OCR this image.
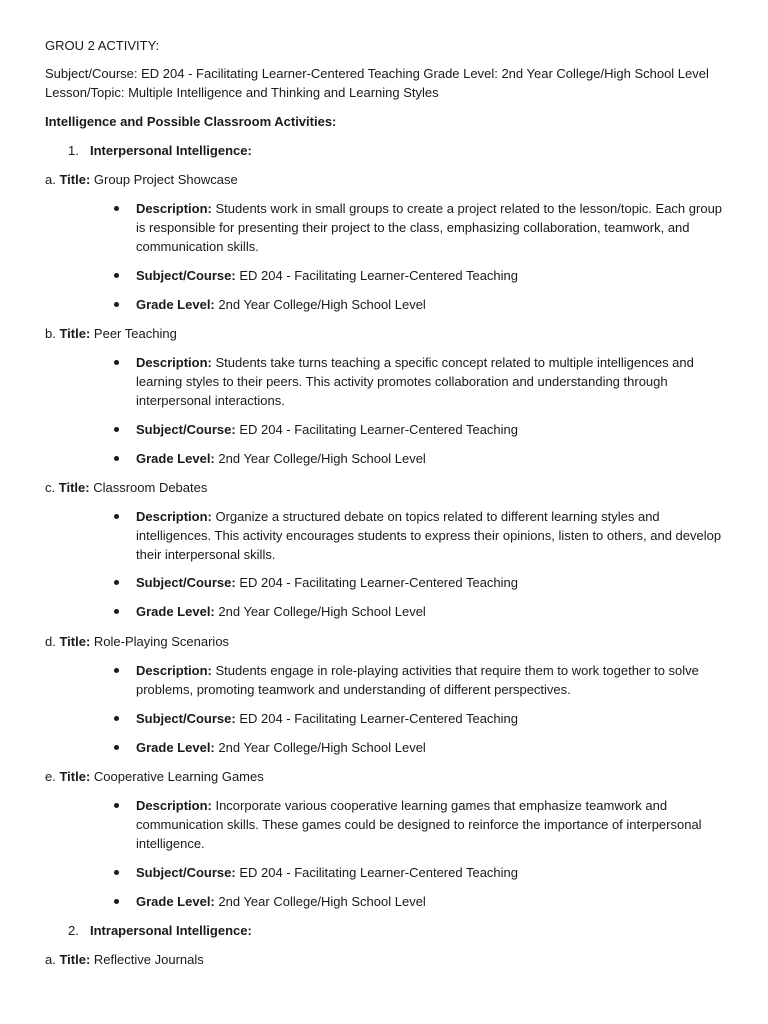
GROU 2 ACTIVITY:
Subject/Course: ED 204 - Facilitating Learner-Centered Teaching Grade Level: 2nd Year College/High School Level
Lesson/Topic: Multiple Intelligence and Thinking and Learning Styles
Intelligence and Possible Classroom Activities:
1. Interpersonal Intelligence:
a. Title: Group Project Showcase
Description: Students work in small groups to create a project related to the lesson/topic. Each group is responsible for presenting their project to the class, emphasizing collaboration, teamwork, and communication skills.
Subject/Course: ED 204 - Facilitating Learner-Centered Teaching
Grade Level: 2nd Year College/High School Level
b. Title: Peer Teaching
Description: Students take turns teaching a specific concept related to multiple intelligences and learning styles to their peers. This activity promotes collaboration and understanding through interpersonal interactions.
Subject/Course: ED 204 - Facilitating Learner-Centered Teaching
Grade Level: 2nd Year College/High School Level
c. Title: Classroom Debates
Description: Organize a structured debate on topics related to different learning styles and intelligences. This activity encourages students to express their opinions, listen to others, and develop their interpersonal skills.
Subject/Course: ED 204 - Facilitating Learner-Centered Teaching
Grade Level: 2nd Year College/High School Level
d. Title: Role-Playing Scenarios
Description: Students engage in role-playing activities that require them to work together to solve problems, promoting teamwork and understanding of different perspectives.
Subject/Course: ED 204 - Facilitating Learner-Centered Teaching
Grade Level: 2nd Year College/High School Level
e. Title: Cooperative Learning Games
Description: Incorporate various cooperative learning games that emphasize teamwork and communication skills. These games could be designed to reinforce the importance of interpersonal intelligence.
Subject/Course: ED 204 - Facilitating Learner-Centered Teaching
Grade Level: 2nd Year College/High School Level
2. Intrapersonal Intelligence:
a. Title: Reflective Journals
